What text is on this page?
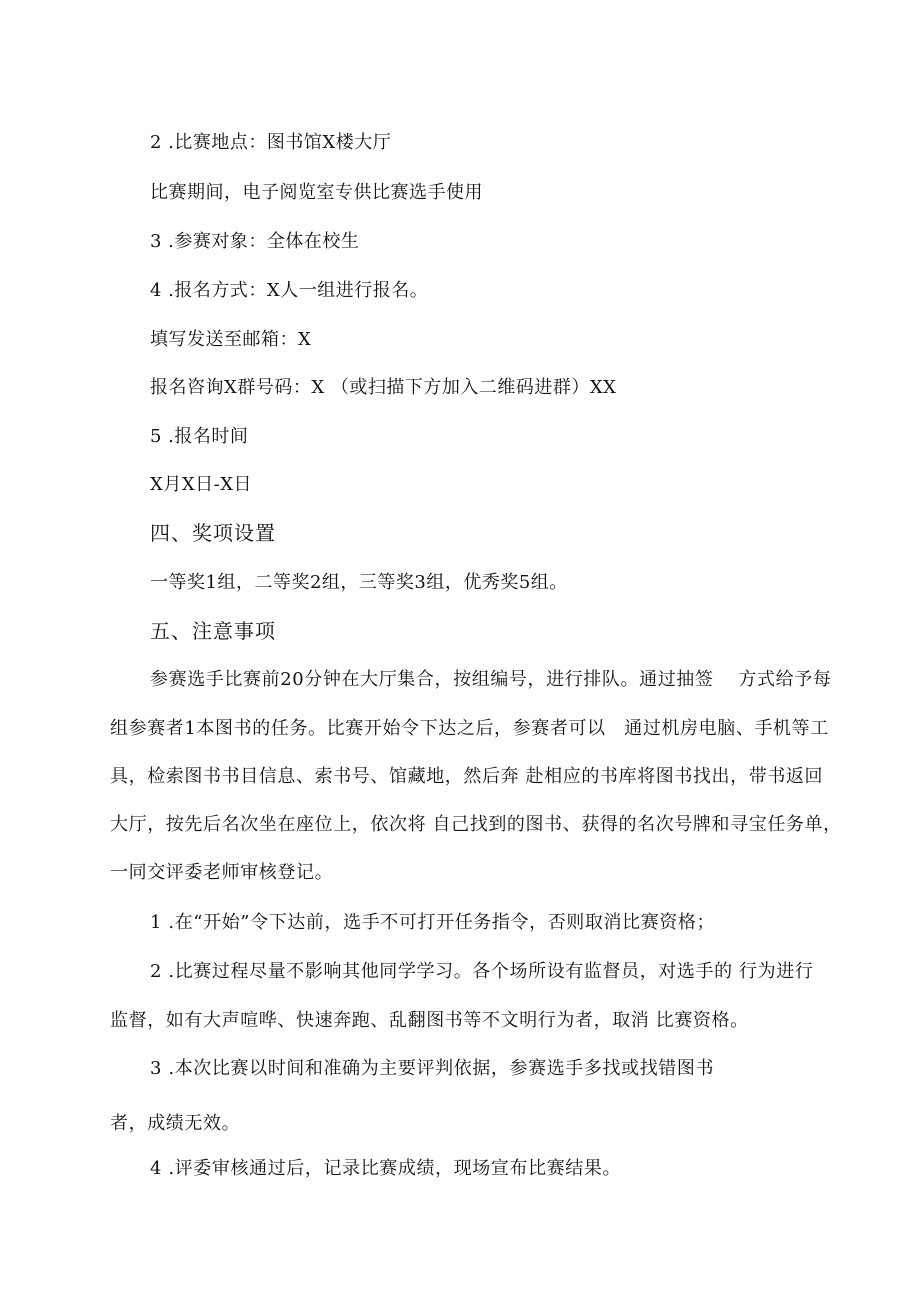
2 .比赛地点：图书馆X楼大厅
比赛期间，电子阅览室专供比赛选手使用
3 .参赛对象：全体在校生
4 .报名方式：X人一组进行报名。
填写发送至邮箱：X
报名咨询X群号码：X （或扫描下方加入二维码进群）XX
5 .报名时间
X月X日-X日
四、奖项设置
一等奖1组，二等奖2组，三等奖3组，优秀奖5组。
五、注意事项
参赛选手比赛前20分钟在大厅集合，按组编号，进行排队。通过抽签　 方式给予每
组参赛者1本图书的任务。比赛开始令下达之后，参赛者可以　通过机房电脑、手机等工
具，检索图书书目信息、索书号、馆藏地，然后奔 赴相应的书库将图书找出，带书返回
大厅，按先后名次坐在座位上，依次将 自己找到的图书、获得的名次号牌和寻宝任务单，
一同交评委老师审核登记。
1 .在“开始”令下达前，选手不可打开任务指令，否则取消比赛资格；
2 .比赛过程尽量不影响其他同学学习。各个场所设有监督员，对选手的 行为进行
监督，如有大声喧哗、快速奔跑、乱翻图书等不文明行为者，取消 比赛资格。
3 .本次比赛以时间和准确为主要评判依据，参赛选手多找或找错图书
者，成绩无效。
4 .评委审核通过后，记录比赛成绩，现场宣布比赛结果。
